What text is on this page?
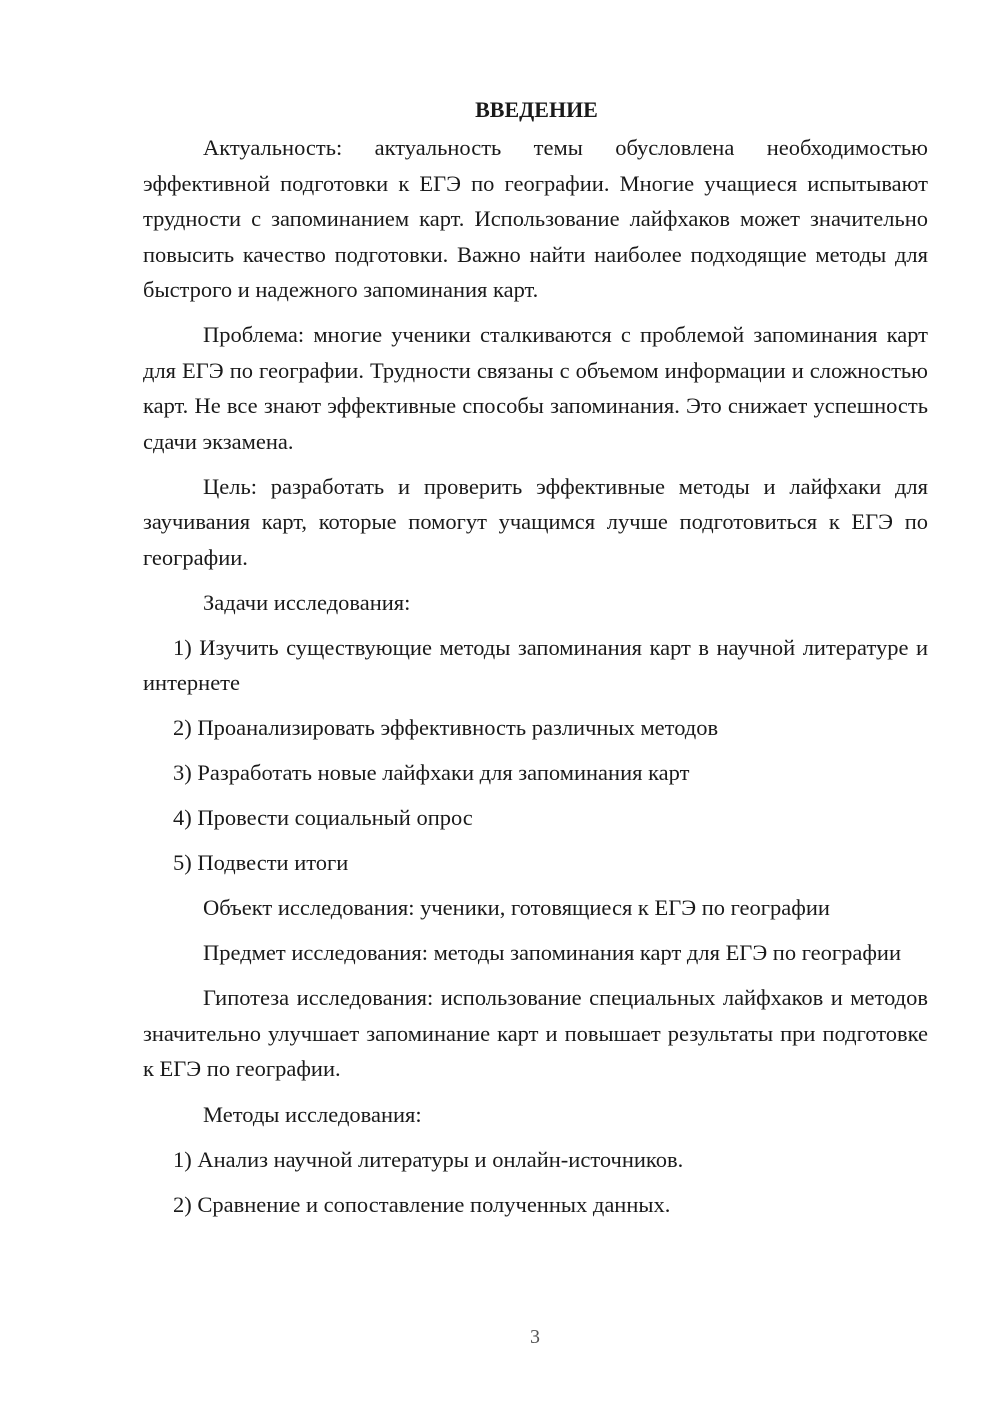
ВВЕДЕНИЕ

Актуальность: актуальность темы обусловлена необходимостью эффективной подготовки к ЕГЭ по географии. Многие учащиеся испытывают трудности с запоминанием карт. Использование лайфхаков может значительно повысить качество подготовки. Важно найти наиболее подходящие методы для быстрого и надежного запоминания карт.

Проблема: многие ученики сталкиваются с проблемой запоминания карт для ЕГЭ по географии. Трудности связаны с объемом информации и сложностью карт. Не все знают эффективные способы запоминания. Это снижает успешность сдачи экзамена.

Цель: разработать и проверить эффективные методы и лайфхаки для заучивания карт, которые помогут учащимся лучше подготовиться к ЕГЭ по географии.

Задачи исследования:

1) Изучить существующие методы запоминания карт в научной литературе и интернете

2) Проанализировать эффективность различных методов

3) Разработать новые лайфхаки для запоминания карт

4) Провести социальный опрос

5) Подвести итоги

Объект исследования: ученики, готовящиеся к ЕГЭ по географии

Предмет исследования: методы запоминания карт для ЕГЭ по географии

Гипотеза исследования: использование специальных лайфхаков и методов значительно улучшает запоминание карт и повышает результаты при подготовке к ЕГЭ по географии.

Методы исследования:

1) Анализ научной литературы и онлайн-источников.

2) Сравнение и сопоставление полученных данных.

3
